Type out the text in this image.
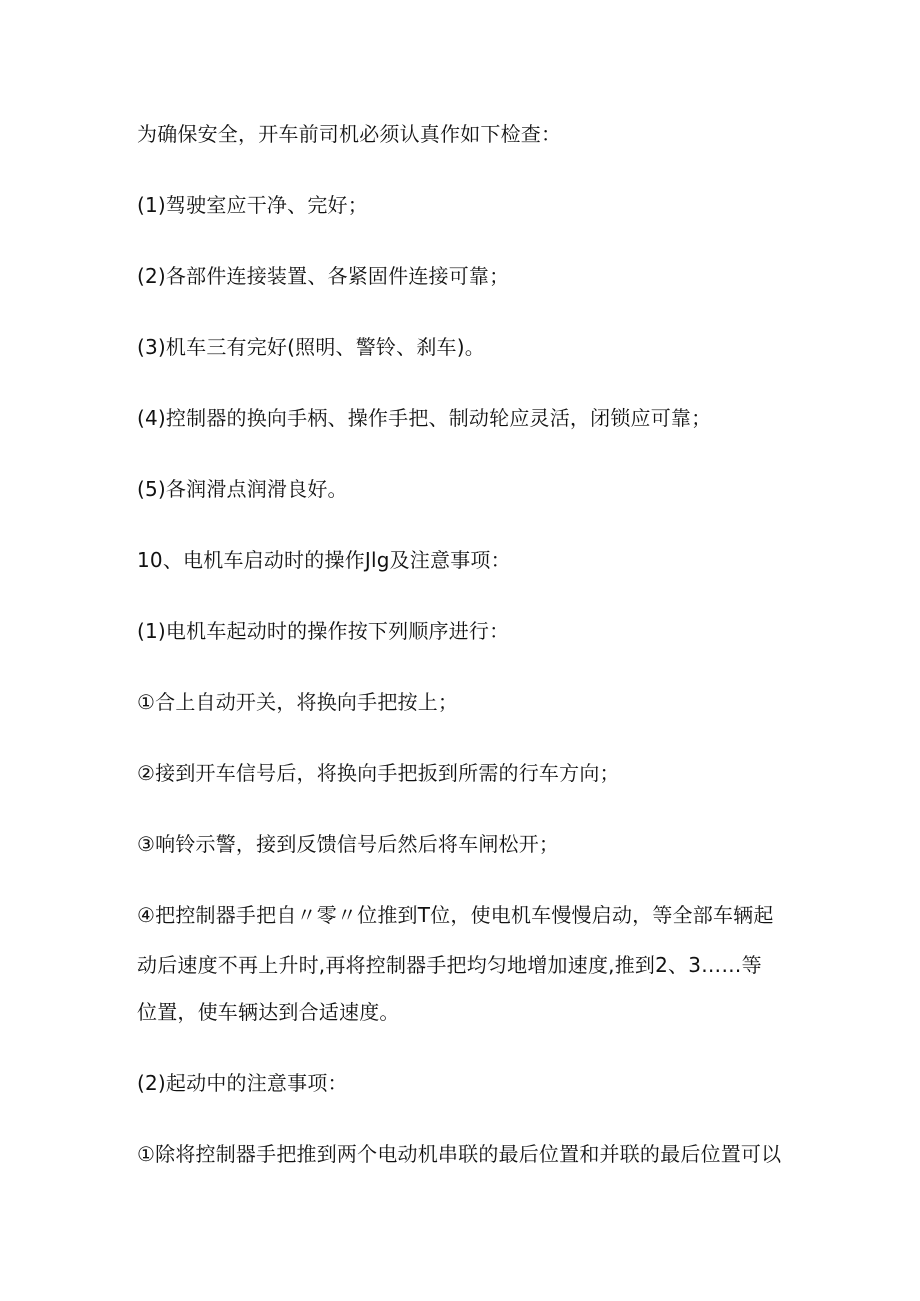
为确保安全，开车前司机必须认真作如下检查：
(1)驾驶室应干净、完好；
(2)各部件连接装置、各紧固件连接可靠；
(3)机车三有完好(照明、警铃、刹车)。
(4)控制器的换向手柄、操作手把、制动轮应灵活，闭锁应可靠；
(5)各润滑点润滑良好。
10、电机车启动时的操作Jlg及注意事项：
(1)电机车起动时的操作按下列顺序进行：
①合上自动开关，将换向手把按上；
②接到开车信号后，将换向手把扳到所需的行车方向；
③响铃示警，接到反馈信号后然后将车闸松开；
④把控制器手把自〃零〃位推到T位，使电机车慢慢启动，等全部车辆起
动后速度不再上升时,再将控制器手把均匀地增加速度,推到2、3……等
位置，使车辆达到合适速度。
(2)起动中的注意事项：
①除将控制器手把推到两个电动机串联的最后位置和并联的最后位置可以
